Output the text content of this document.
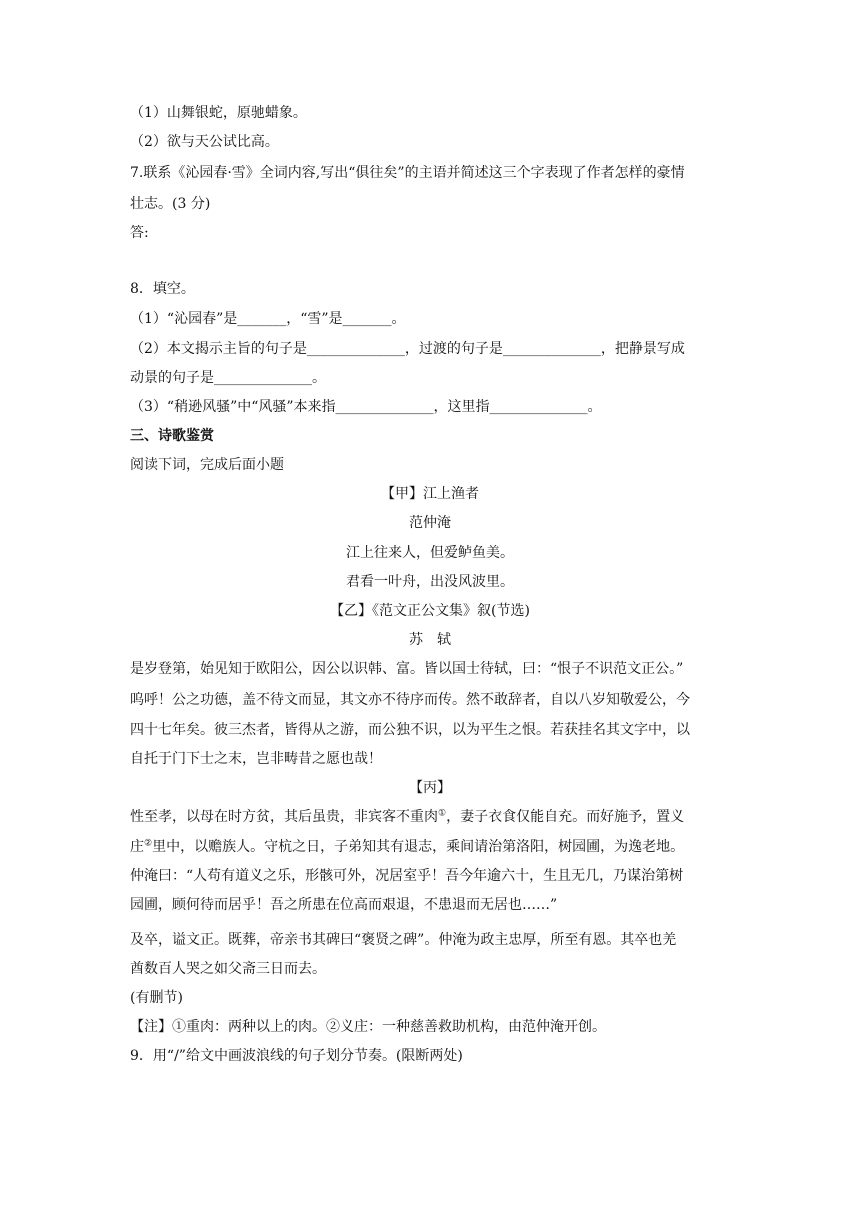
（1）山舞银蛇，原驰蜡象。
（2）欲与天公试比高。
7.联系《沁园春·雪》全词内容,写出“俱往矣”的主语并简述这三个字表现了作者怎样的豪情
壮志。(3 分)
答:
8．填空。
（1）“沁园春”是_______，“雪”是_______。
（2）本文揭示主旨的句子是______________，过渡的句子是______________，把静景写成
动景的句子是______________。
（3）“稍逊风骚”中“风骚”本来指______________，这里指______________。
三、诗歌鉴赏
阅读下词，完成后面小题
【甲】江上渔者
范仲淹
江上往来人，但爱鲈鱼美。
君看一叶舟，出没风波里。
【乙】《范文正公文集》叙(节选)
苏　轼
是岁登第，始见知于欧阳公，因公以识韩、富。皆以国士待轼，曰：“恨子不识范文正公。”
呜呼！公之功德，盖不待文而显，其文亦不待序而传。然不敢辞者，自以八岁知敬爱公，今
四十七年矣。彼三杰者，皆得从之游，而公独不识，以为平生之恨。若获挂名其文字中，以
自托于门下士之末，岂非畴昔之愿也哉！
【丙】
性至孝，以母在时方贫，其后虽贵，非宾客不重肉①，妻子衣食仅能自充。而好施予，置义
庄②里中，以赡族人。守杭之日，子弟知其有退志，乘间请治第洛阳，树园圃，为逸老地。
仲淹曰：“人苟有道义之乐，形骸可外，况居室乎！吾今年逾六十，生且无几，乃谋治第树
园圃，顾何待而居乎！吾之所患在位高而艰退，不患退而无居也……”
及卒，谥文正。既葬，帝亲书其碑曰“褒贤之碑”。仲淹为政主忠厚，所至有恩。其卒也羌
酋数百人哭之如父斋三日而去。
(有删节)
【注】①重肉：两种以上的肉。②义庄：一种慈善救助机构，由范仲淹开创。
9．用“/”给文中画波浪线的句子划分节奏。(限断两处)
